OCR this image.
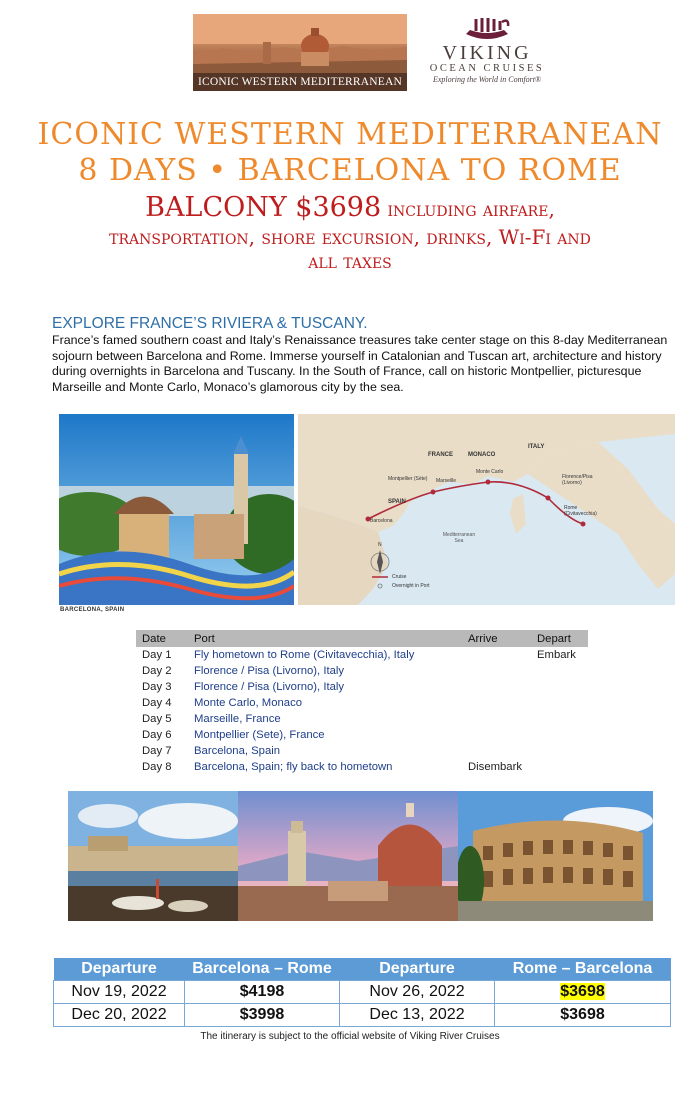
ICONIC WESTERN MEDITERRANEAN
VIKING
OCEAN CRUISES
Exploring the World in Comfort®
ICONIC WESTERN MEDITERRANEAN
8 DAYS • BARCELONA TO ROME
BALCONY $3698 including airfare,
transportation, shore excursion, drinks, Wi-Fi and
all taxes
EXPLORE FRANCE’S RIVIERA & TUSCANY.
France’s famed southern coast and Italy’s Renaissance treasures take center stage on this 8-day Mediterranean sojourn between Barcelona and Rome. Immerse yourself in Catalonian and Tuscan art, architecture and history during overnights in Barcelona and Tuscany. In the South of France, call on historic Montpellier, picturesque Marseille and Monte Carlo, Monaco’s glamorous city by the sea.
BARCELONA, SPAIN
FRANCE	MONACO
ITALY
SPAIN
Montpellier (Sète)	Marseille
Monte Carlo
Florence/Pisa (Livorno)
Rome (Civitavecchia)
Barcelona
Mediterranean Sea
N
Cruise
Overnight in Port
Date	Port	Arrive	Depart
Day 1	Fly hometown to Rome (Civitavecchia), Italy		Embark
Day 2	Florence / Pisa (Livorno), Italy		
Day 3	Florence / Pisa (Livorno), Italy		
Day 4	Monte Carlo, Monaco		
Day 5	Marseille, France		
Day 6	Montpellier (Sete), France		
Day 7	Barcelona, Spain		
Day 8	Barcelona, Spain; fly back to hometown	Disembark	
Departure	Barcelona – Rome	Departure	Rome – Barcelona
Nov 19, 2022	$4198	Nov 26, 2022	$3698
Dec 20, 2022	$3998	Dec 13, 2022	$3698
The itinerary is subject to the official website of Viking River Cruises
